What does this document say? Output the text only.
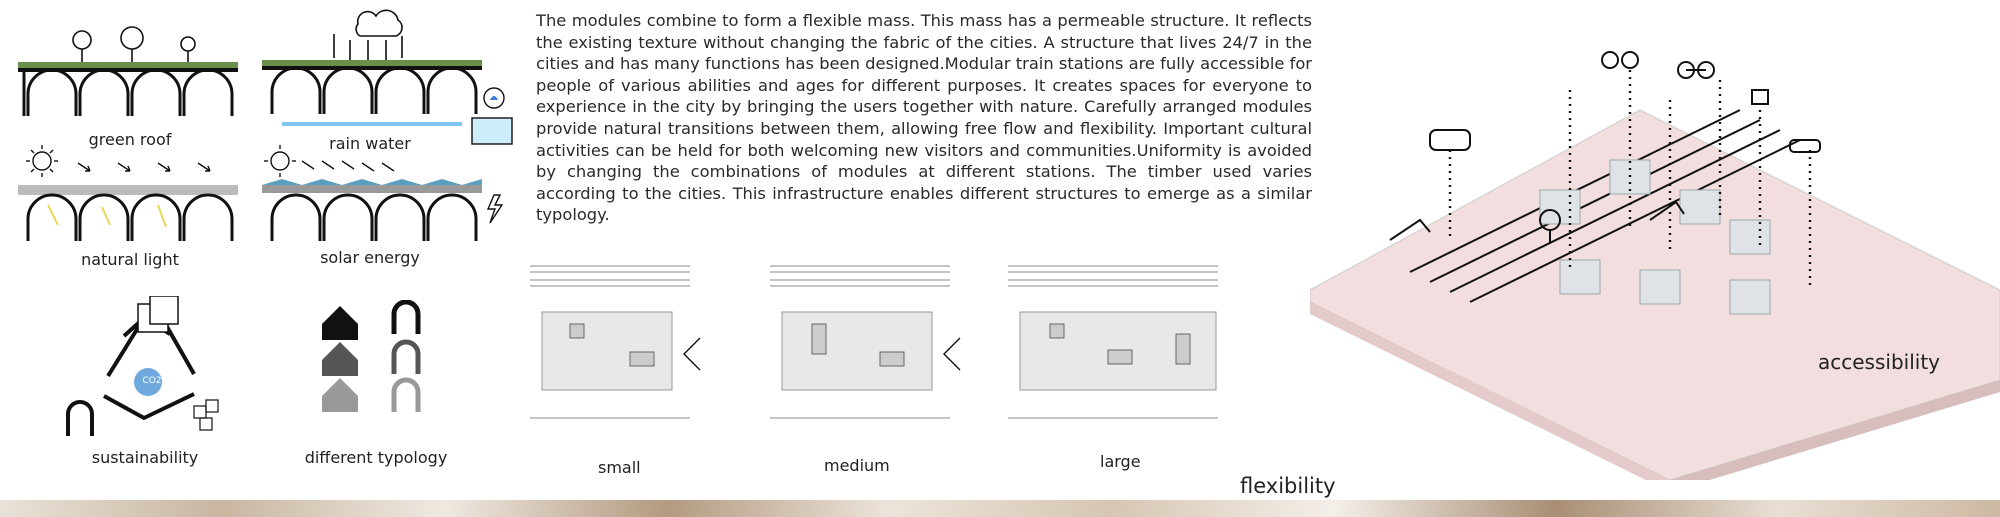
green roof	rain water
natural light	solar energy
CO2
sustainability	different typology
The modules combine to form a flexible mass. This mass has a permeable structure. It reflects the existing texture without changing the fabric of the cities. A structure that lives 24/7 in the cities and has many functions has been designed.Modular train stations are fully accessible for people of various abilities and ages for different purposes. It creates spaces for everyone to experience in the city by bringing the users together with nature. Carefully arranged modules provide natural transitions between them, allowing free flow and flexibility. Important cultural activities can be held for both welcoming new visitors and communities.Uniformity is avoided by changing the combinations of modules at different stations. The timber used varies according to the cities. This infrastructure enables different structures to emerge as a similar typology.
small	medium	large
flexibility
accessibility
